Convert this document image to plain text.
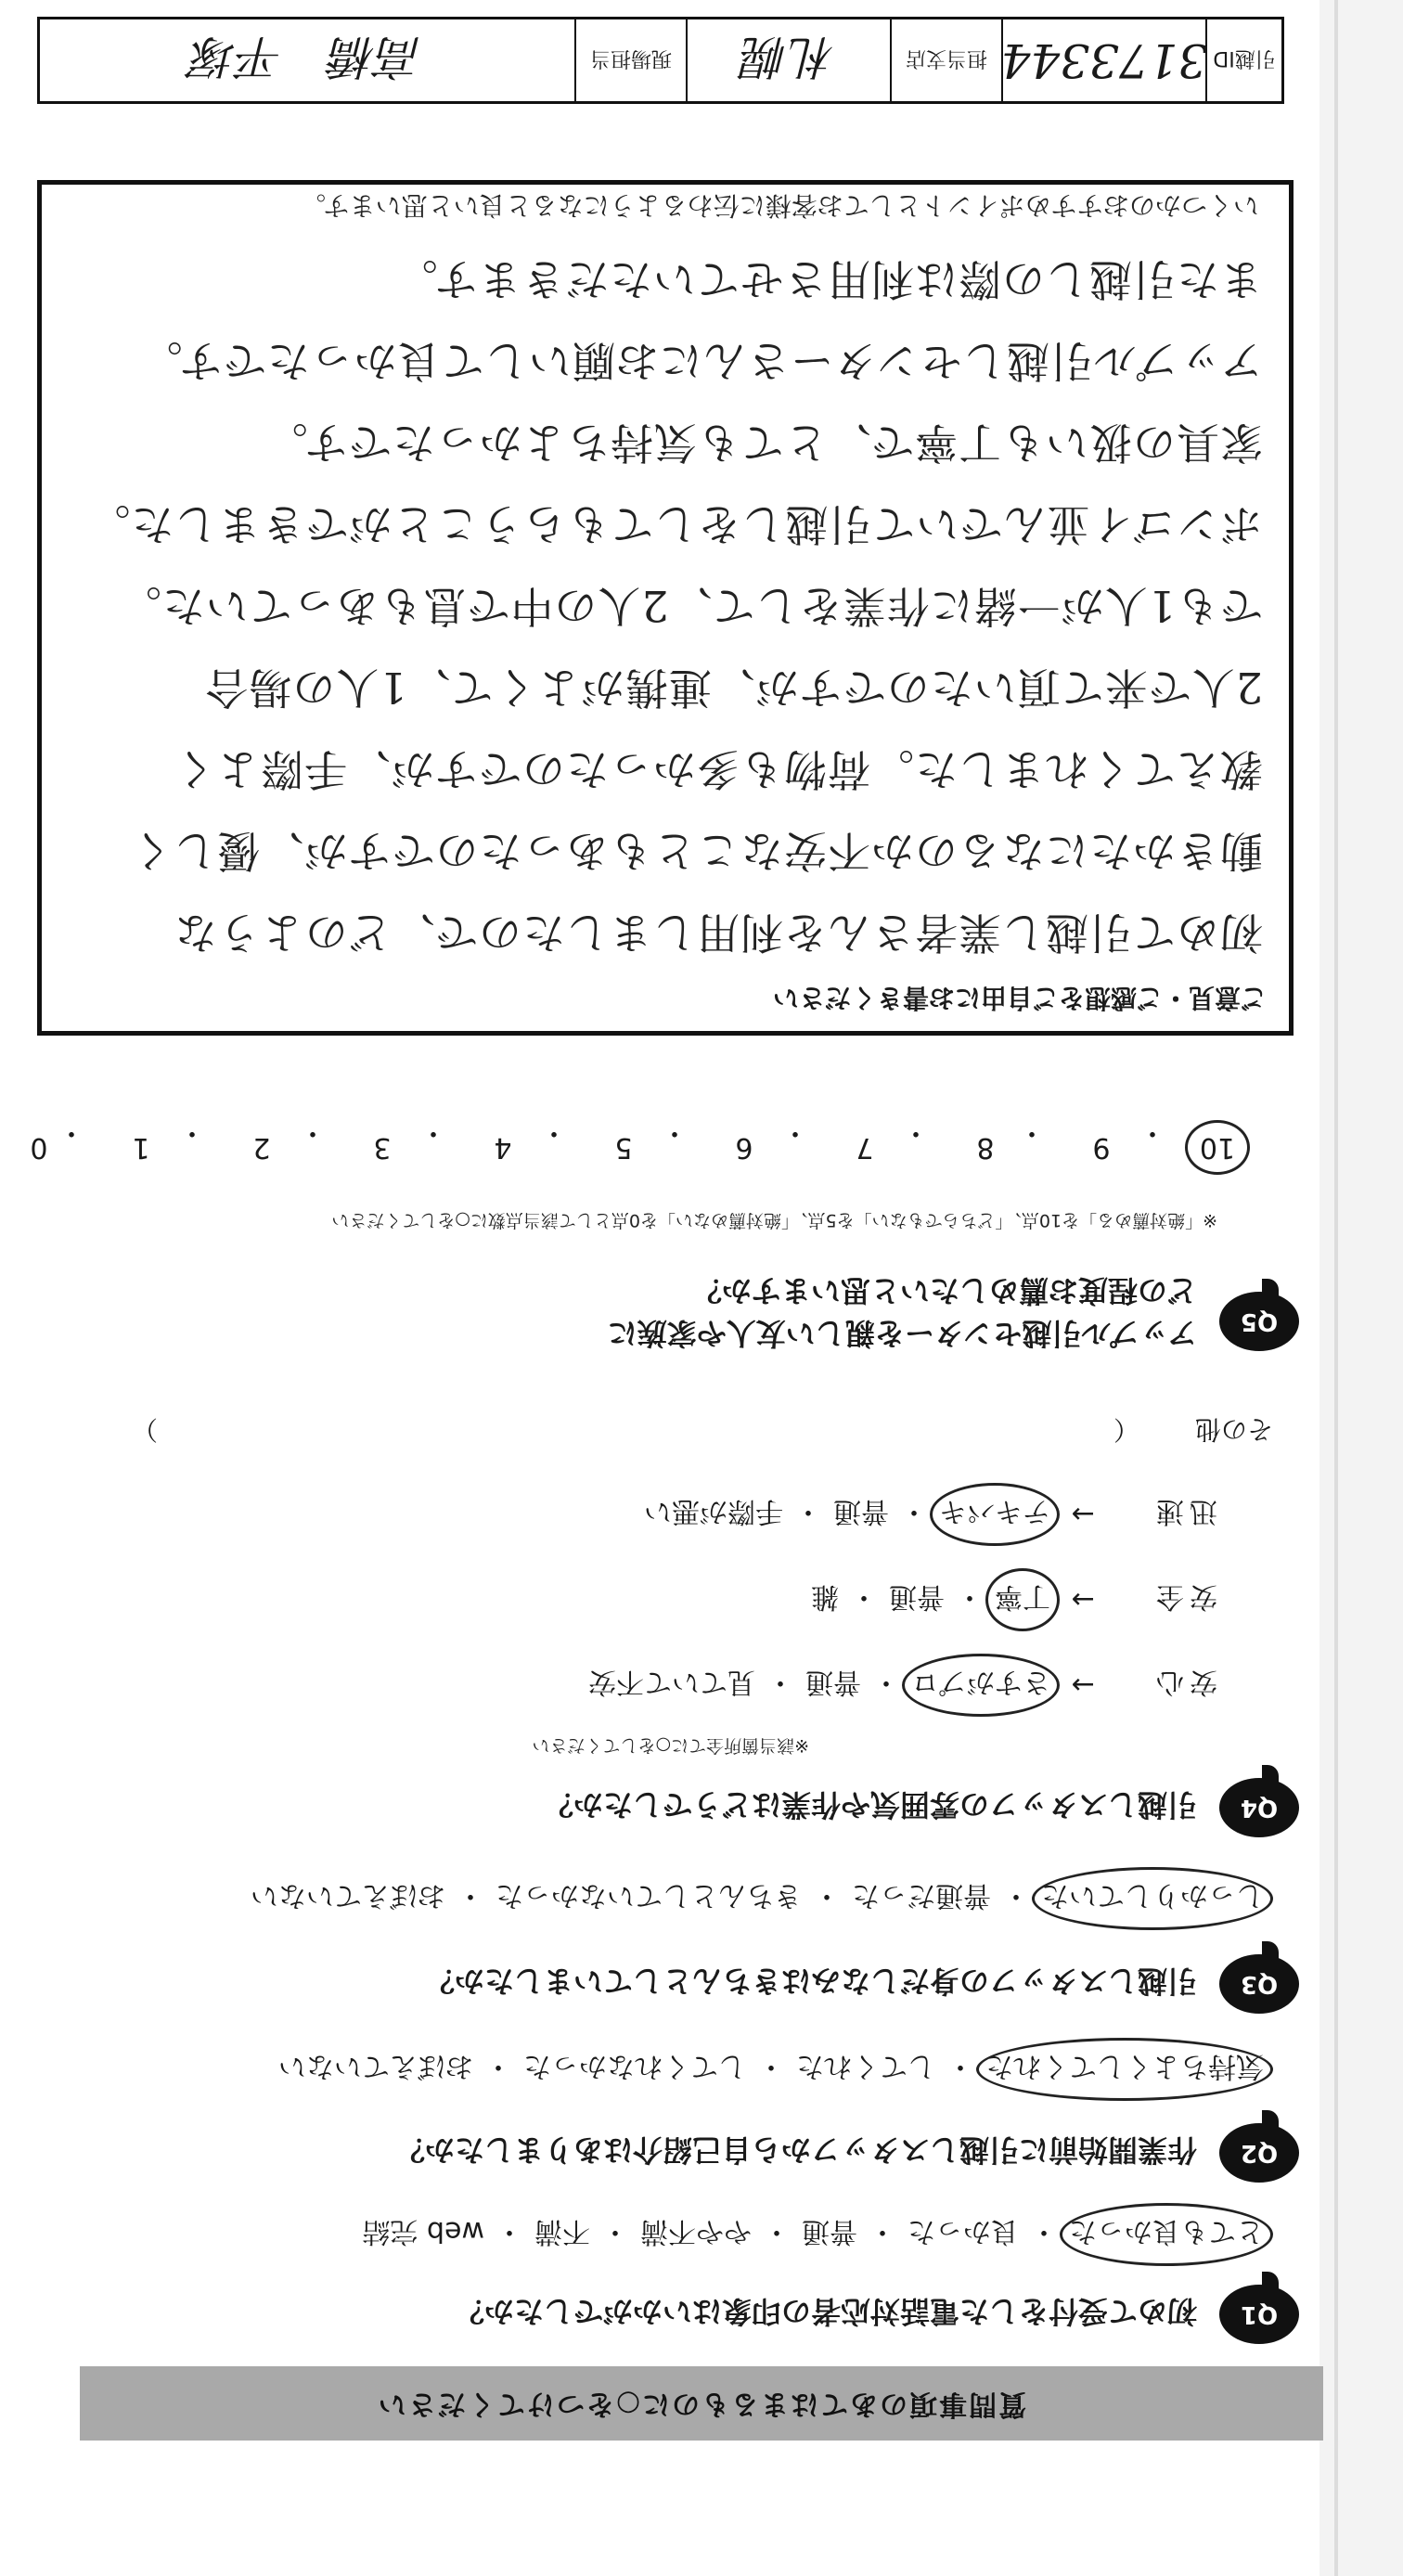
質問事項のあてはまるものに○をつけてください
Q1
初めて受付をした電話対応者の印象はいかがでしたか？
とても良かった
・
良かった
・
普通
・
やや不満
・
不満
・
web 完結
Q2
作業開始前に引越しスタッフから自己紹介はありましたか？
気持ちよくしてくれた
・
してくれた
・
してくれなかった
・
おぼえていない
Q3
引越しスタッフの身だしなみはきちんとしていましたか？
しっかりしていた
・
普通だった
・
きちんとしていなかった
・
おぼえていない
Q4
引越しスタッフの雰囲気や作業はどうでしたか？
※該当箇所全てに○をしてください
安心
→
さすがプロ
・
普通
・
見ていて不安
安全
→
丁寧
・
普通
・
雑
迅速
→
テキパキ
・
普通
・
手際が悪い
その他
（
）
Q5
アップル引越センターを親しい友人や家族に
どの程度お薦めしたいと思いますか？
※「絶対薦める」を10点、「どちらでもない」を5点、「絶対薦めない」を0点として該当点数に○をしてください
10
・
9
・
8
・
7
・
6
・
5
・
4
・
3
・
2
・
1
・
0
ご意見・ご感想をご自由にお書きください
初めて引越し業者さんを利用しましたので、どのような
動きかたになるのか不安なこともあったのですが、優しく
教えてくれました。荷物も多かったのですが、手際よく
2人で来て頂いたのですが、連携がよくて、1人の場合
でも1人が一緒に作業をして、2人の中で息もあっていた。
ボンゴイ並んでいて引越しをしてもらうことができました。
家具の扱いも丁寧で、とても気持ちよかったです。
アップル引越しセンターさんにお願いして良かったです。
また引越しの際は利用させていただきます。
いくつかのおすすめポイントとしてお客様に伝わるようになると良いと思います。
引越ID
3173344
担当支店
札幌
現場担当
高橋　平塚
